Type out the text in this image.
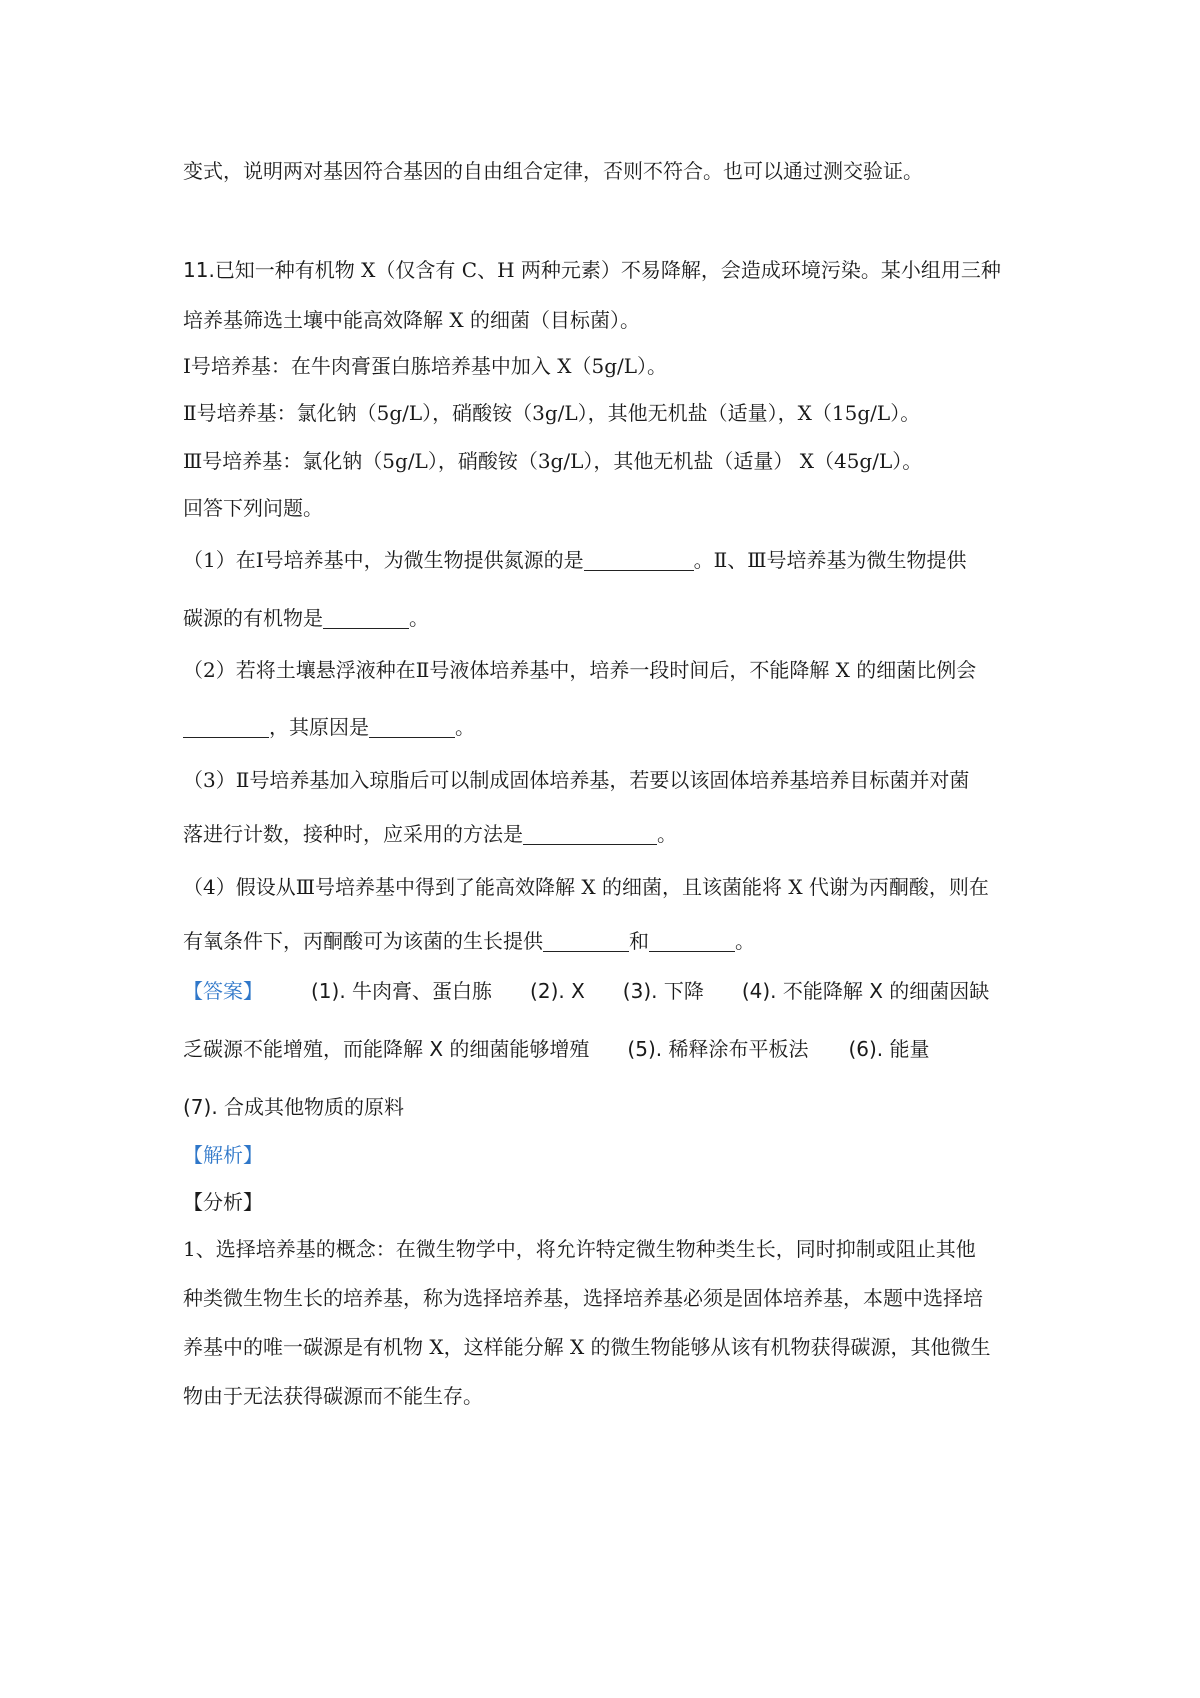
变式，说明两对基因符合基因的自由组合定律，否则不符合。也可以通过测交验证。

11.已知一种有机物 X（仅含有 C、H 两种元素）不易降解，会造成环境污染。某小组用三种

培养基筛选土壤中能高效降解 X 的细菌（目标菌）。

Ⅰ号培养基：在牛肉膏蛋白胨培养基中加入 X（5g/L）。

Ⅱ号培养基：氯化钠（5g/L），硝酸铵（3g/L），其他无机盐（适量），X（15g/L）。

Ⅲ号培养基：氯化钠（5g/L），硝酸铵（3g/L），其他无机盐（适量） X（45g/L）。

回答下列问题。

（1）在Ⅰ号培养基中，为微生物提供氮源的是	。Ⅱ、Ⅲ号培养基为微生物提供

碳源的有机物是	。

（2）若将土壤悬浮液种在Ⅱ号液体培养基中，培养一段时间后，不能降解 X 的细菌比例会

，其原因是	。

（3）Ⅱ号培养基加入琼脂后可以制成固体培养基，若要以该固体培养基培养目标菌并对菌

落进行计数，接种时，应采用的方法是	。

（4）假设从Ⅲ号培养基中得到了能高效降解 X 的细菌，且该菌能将 X 代谢为丙酮酸，则在

有氧条件下，丙酮酸可为该菌的生长提供	和	。

【答案】 (1). 牛肉膏、蛋白胨 (2). X (3). 下降 (4). 不能降解 X 的细菌因缺

乏碳源不能增殖，而能降解 X 的细菌能够增殖 (5). 稀释涂布平板法 (6). 能量

(7). 合成其他物质的原料

【解析】

【分析】

1、选择培养基的概念：在微生物学中，将允许特定微生物种类生长，同时抑制或阻止其他

种类微生物生长的培养基，称为选择培养基，选择培养基必须是固体培养基，本题中选择培

养基中的唯一碳源是有机物 X，这样能分解 X 的微生物能够从该有机物获得碳源，其他微生

物由于无法获得碳源而不能生存。
